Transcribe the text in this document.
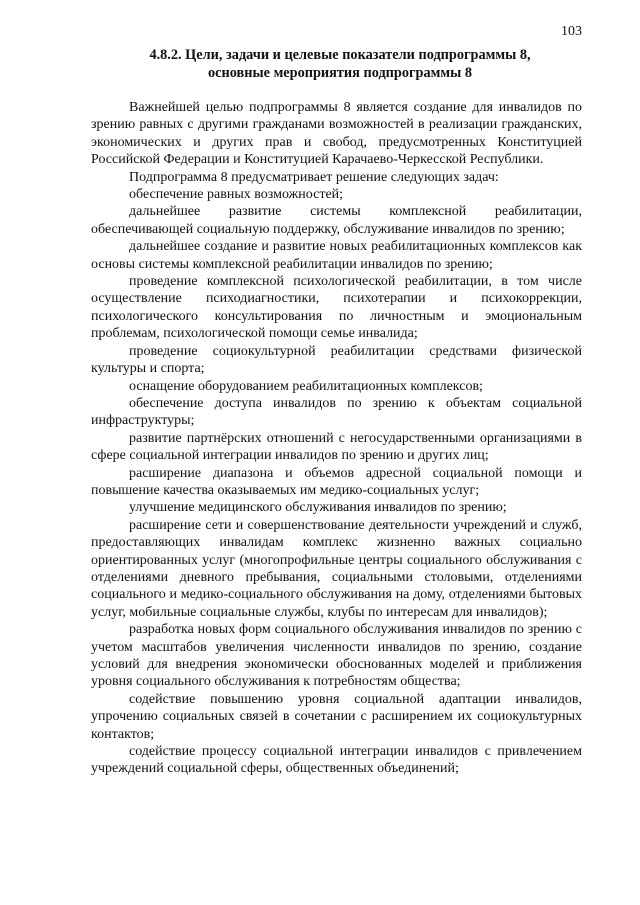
103
4.8.2. Цели, задачи и целевые показатели подпрограммы 8,
основные мероприятия подпрограммы 8

Важнейшей целью подпрограммы 8 является создание для инвалидов по зрению равных с другими гражданами возможностей в реализации гражданских, экономических и других прав и свобод, предусмотренных Конституцией Российской Федерации и Конституцией Карачаево-Черкесской Республики.

Подпрограмма 8 предусматривает решение следующих задач:

обеспечение равных возможностей;

дальнейшее развитие системы комплексной реабилитации, обеспечивающей социальную поддержку, обслуживание инвалидов по зрению;

дальнейшее создание и развитие новых реабилитационных комплексов как основы системы комплексной реабилитации инвалидов по зрению;

проведение комплексной психологической реабилитации, в том числе осуществление психодиагностики, психотерапии и психокоррекции, психологического консультирования по личностным и эмоциональным проблемам, психологической помощи семье инвалида;

проведение социокультурной реабилитации средствами физической культуры и спорта;

оснащение оборудованием реабилитационных комплексов;

обеспечение доступа инвалидов по зрению к объектам социальной инфраструктуры;

развитие партнёрских отношений с негосударственными организациями в сфере социальной интеграции инвалидов по зрению и других лиц;

расширение диапазона и объемов адресной социальной помощи и повышение качества оказываемых им медико-социальных услуг;

улучшение медицинского обслуживания инвалидов по зрению;

расширение сети и совершенствование деятельности учреждений и служб, предоставляющих инвалидам комплекс жизненно важных социально ориентированных услуг (многопрофильные центры социального обслуживания с отделениями дневного пребывания, социальными столовыми, отделениями социального и медико-социального обслуживания на дому, отделениями бытовых услуг, мобильные социальные службы, клубы по интересам для инвалидов);

разработка новых форм социального обслуживания инвалидов по зрению с учетом масштабов увеличения численности инвалидов по зрению, создание условий для внедрения экономически обоснованных моделей и приближения уровня социального обслуживания к потребностям общества;

содействие повышению уровня социальной адаптации инвалидов, упрочению социальных связей в сочетании с расширением их социокультурных контактов;

содействие процессу социальной интеграции инвалидов с привлечением учреждений социальной сферы, общественных объединений;
